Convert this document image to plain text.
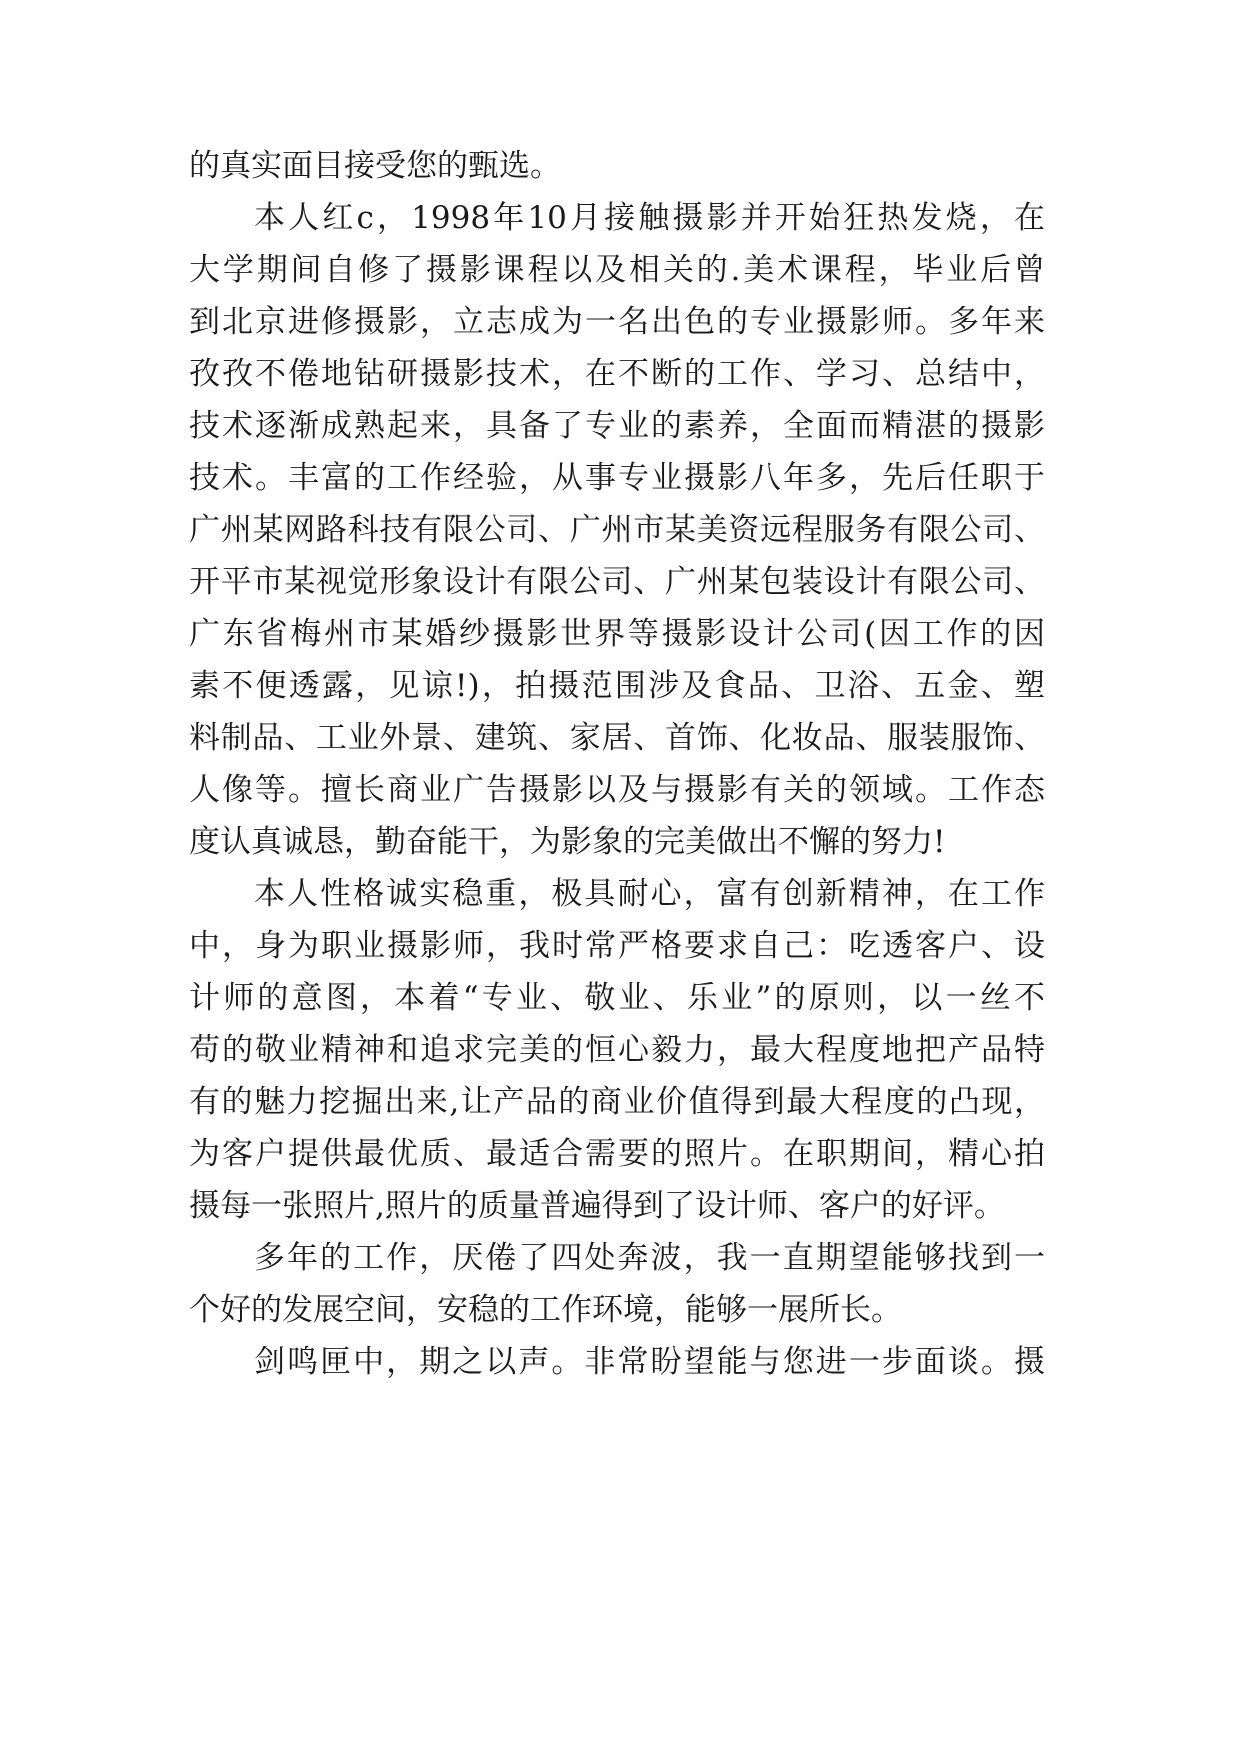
的真实面目接受您的甄选。
本人红c，1998年10月接触摄影并开始狂热发烧，在
大学期间自修了摄影课程以及相关的.美术课程，毕业后曾
到北京进修摄影，立志成为一名出色的专业摄影师。多年来
孜孜不倦地钻研摄影技术，在不断的工作、学习、总结中，
技术逐渐成熟起来，具备了专业的素养，全面而精湛的摄影
技术。丰富的工作经验，从事专业摄影八年多，先后任职于
广州某网路科技有限公司、广州市某美资远程服务有限公司、
开平市某视觉形象设计有限公司、广州某包装设计有限公司、
广东省梅州市某婚纱摄影世界等摄影设计公司(因工作的因
素不便透露，见谅!)，拍摄范围涉及食品、卫浴、五金、塑
料制品、工业外景、建筑、家居、首饰、化妆品、服装服饰、
人像等。擅长商业广告摄影以及与摄影有关的领域。工作态
度认真诚恳，勤奋能干，为影象的完美做出不懈的努力!
本人性格诚实稳重，极具耐心，富有创新精神，在工作
中，身为职业摄影师，我时常严格要求自己：吃透客户、设
计师的意图，本着“专业、敬业、乐业”的原则，以一丝不
苟的敬业精神和追求完美的恒心毅力，最大程度地把产品特
有的魅力挖掘出来,让产品的商业价值得到最大程度的凸现，
为客户提供最优质、最适合需要的照片。在职期间，精心拍
摄每一张照片,照片的质量普遍得到了设计师、客户的好评。
多年的工作，厌倦了四处奔波，我一直期望能够找到一
个好的发展空间，安稳的工作环境，能够一展所长。
剑鸣匣中，期之以声。非常盼望能与您进一步面谈。摄
